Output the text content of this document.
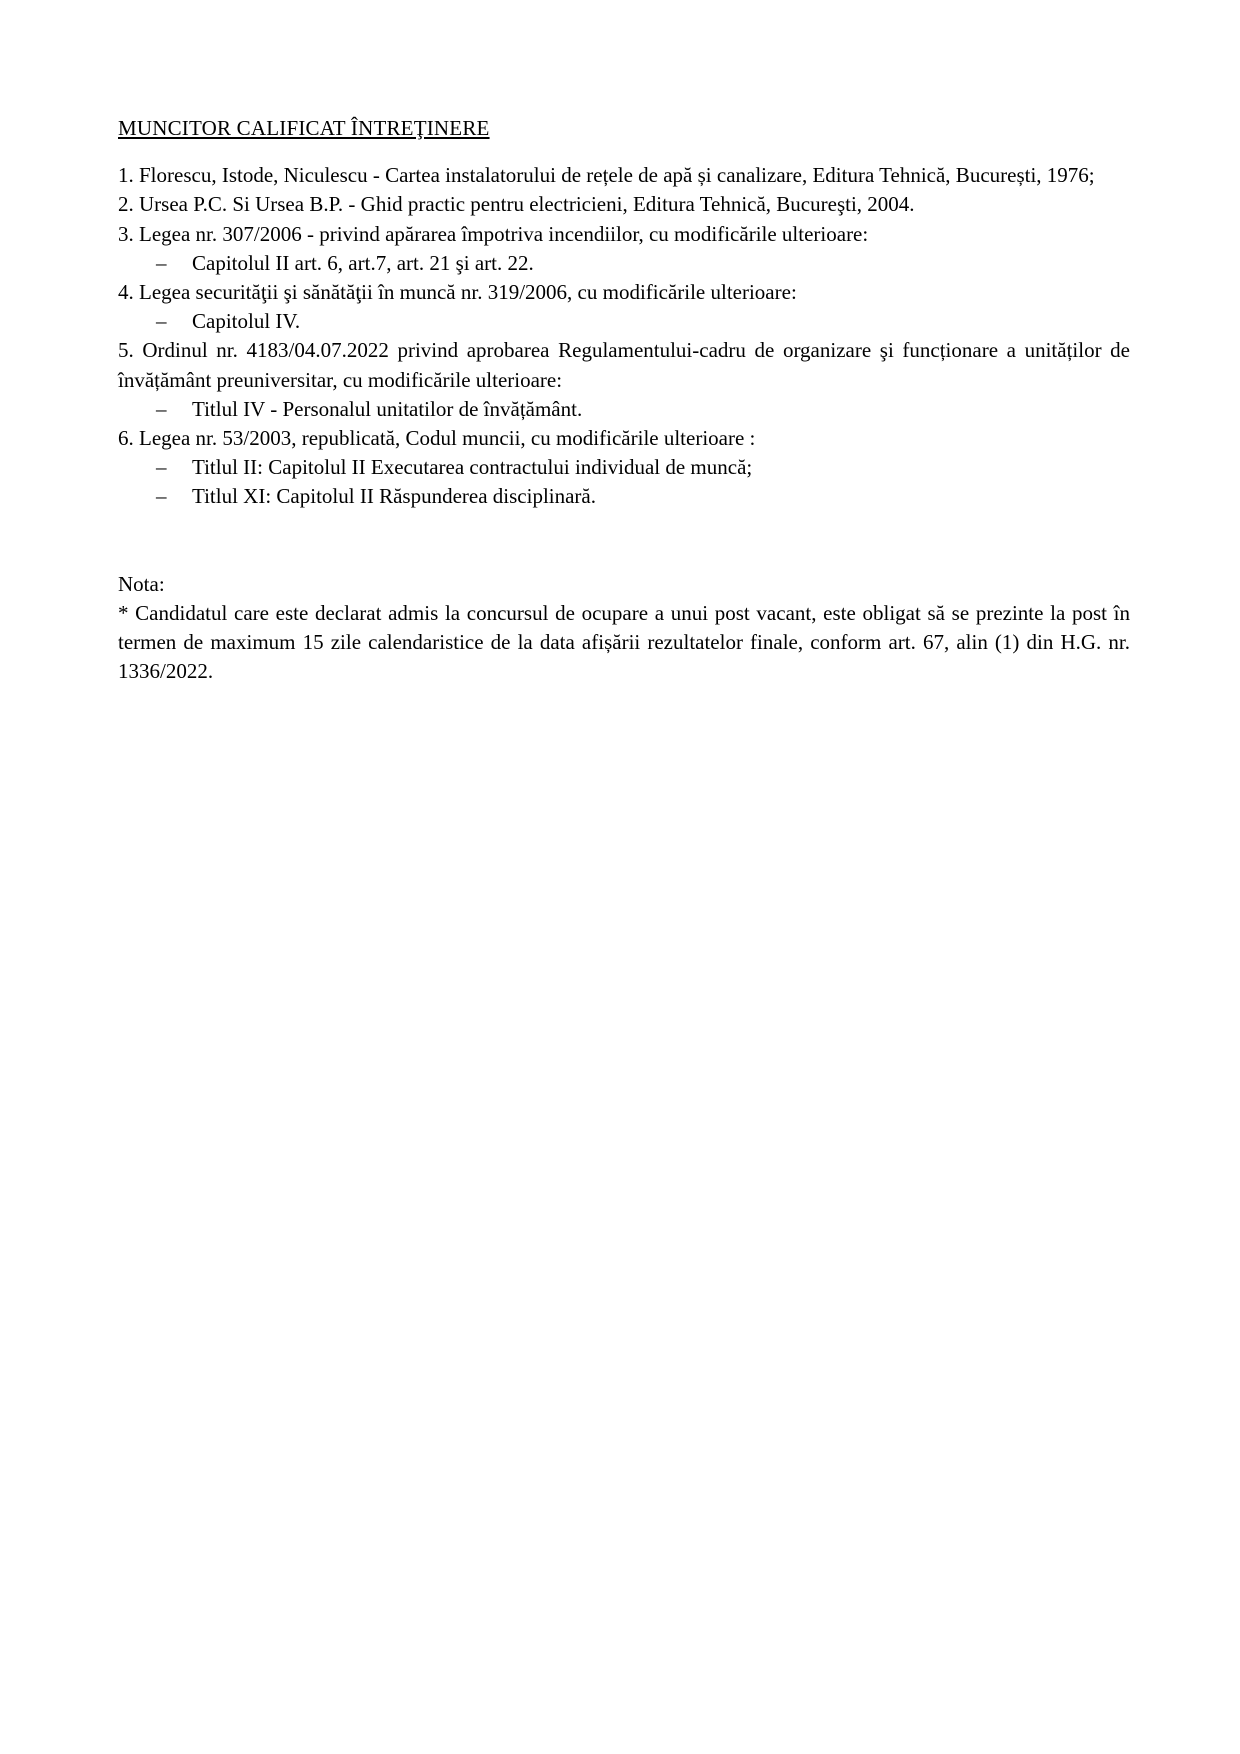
MUNCITOR CALIFICAT ÎNTREŢINERE

1. Florescu, Istode, Niculescu - Cartea instalatorului de rețele de apă și canalizare, Editura Tehnică, București, 1976;

2. Ursea P.C. Si Ursea B.P. - Ghid practic pentru electricieni, Editura Tehnică, Bucureşti, 2004.

3. Legea nr. 307/2006 - privind apărarea împotriva incendiilor, cu modificările ulterioare:

–	Capitolul II art. 6, art.7, art. 21 şi art. 22.

4. Legea securităţii şi sănătăţii în muncă nr. 319/2006, cu modificările ulterioare:

–	Capitolul IV.

5. Ordinul nr. 4183/04.07.2022 privind aprobarea Regulamentului-cadru de organizare şi funcționare a unităților de învățământ preuniversitar, cu modificările ulterioare:

–	Titlul IV - Personalul unitatilor de învățământ.

6. Legea nr. 53/2003, republicată, Codul muncii, cu modificările ulterioare :

–	Titlul II: Capitolul II Executarea contractului individual de muncă;

–	Titlul XI: Capitolul II Răspunderea disciplinară.

Nota:

* Candidatul care este declarat admis la concursul de ocupare a unui post vacant, este obligat să se prezinte la post în termen de maximum 15 zile calendaristice de la data afișării rezultatelor finale, conform art. 67, alin (1) din H.G. nr. 1336/2022.
